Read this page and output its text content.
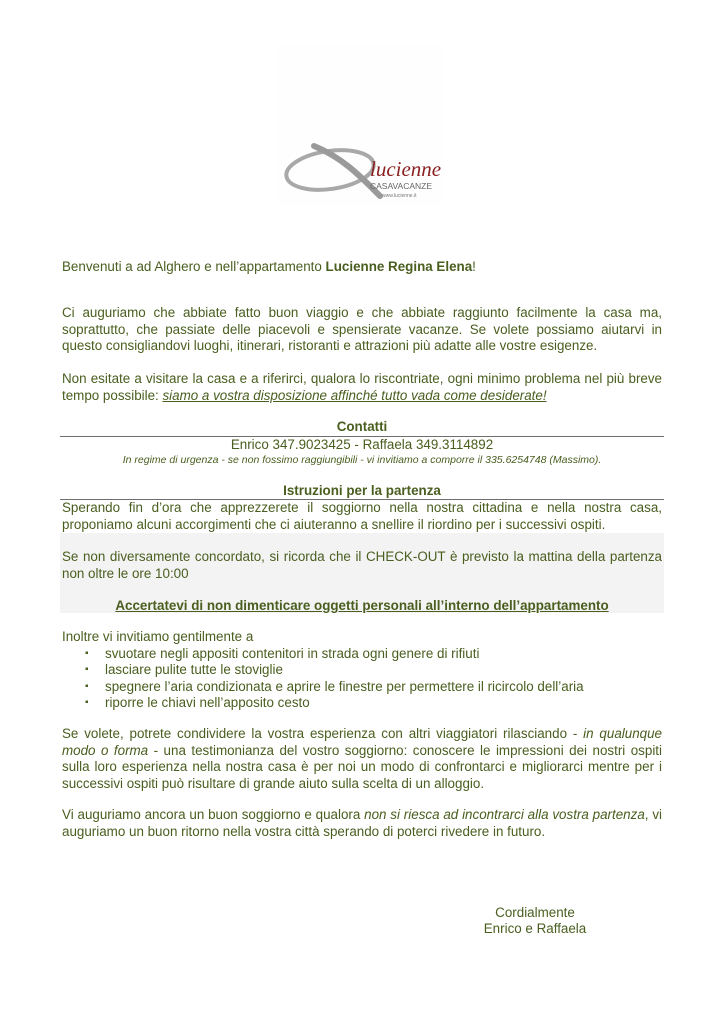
lucienne
CASAVACANZE
www.lucienne.it
Benvenuti a ad Alghero e nell’appartamento Lucienne Regina Elena!
Ci auguriamo che abbiate fatto buon viaggio e che abbiate raggiunto facilmente la casa ma, soprattutto, che passiate delle piacevoli e spensierate vacanze. Se volete possiamo aiutarvi in questo consigliandovi luoghi, itinerari, ristoranti e attrazioni più adatte alle vostre esigenze.
Non esitate a visitare la casa e a riferirci, qualora lo riscontriate, ogni minimo problema nel più breve tempo possibile: siamo a vostra disposizione affinché tutto vada come desiderate!
Contatti
Enrico 347.9023425 - Raffaela 349.3114892
In regime di urgenza - se non fossimo raggiungibili - vi invitiamo a comporre il 335.6254748 (Massimo).
Istruzioni per la partenza
Sperando fin d’ora che apprezzerete il soggiorno nella nostra cittadina e nella nostra casa, proponiamo alcuni accorgimenti che ci aiuteranno a snellire il riordino per i successivi ospiti.
Se non diversamente concordato, si ricorda che il CHECK-OUT è previsto la mattina della partenza non oltre le ore 10:00
Accertatevi di non dimenticare oggetti personali all’interno dell’appartamento
Inoltre vi invitiamo gentilmente a
▪ svuotare negli appositi contenitori in strada ogni genere di rifiuti
▪ lasciare pulite tutte le stoviglie
▪ spegnere l’aria condizionata e aprire le finestre per permettere il ricircolo dell’aria
▪ riporre le chiavi nell’apposito cesto
Se volete, potrete condividere la vostra esperienza con altri viaggiatori rilasciando - in qualunque modo o forma - una testimonianza del vostro soggiorno: conoscere le impressioni dei nostri ospiti sulla loro esperienza nella nostra casa è per noi un modo di confrontarci e migliorarci mentre per i successivi ospiti può risultare di grande aiuto sulla scelta di un alloggio.
Vi auguriamo ancora un buon soggiorno e qualora non si riesca ad incontrarci alla vostra partenza, vi auguriamo un buon ritorno nella vostra città sperando di poterci rivedere in futuro.
Cordialmente
Enrico e Raffaela
